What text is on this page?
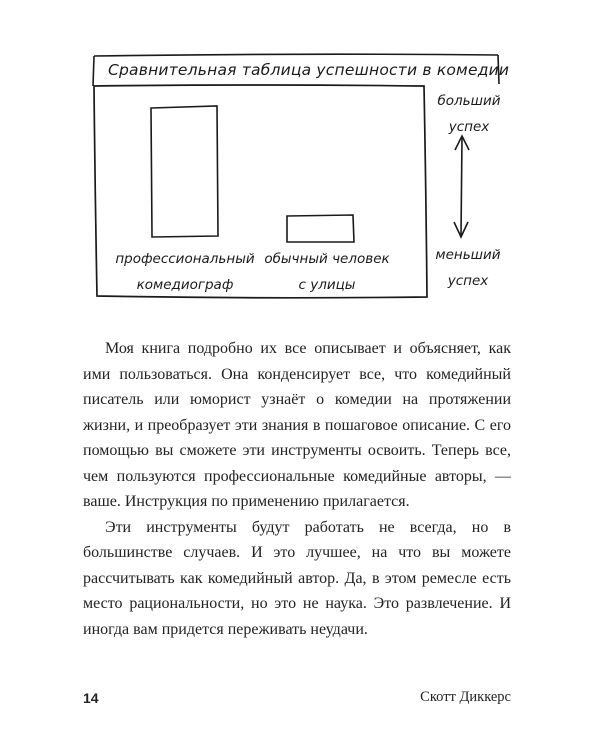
Сравнительная таблица успешности в комедии
больший
успех
меньший
успех
профессиональный
комедиограф
обычный человек
с улицы

Моя книга подробно их все описывает и объясняет, как ими пользоваться. Она конденсирует все, что комедийный писатель или юморист узнаёт о комедии на протяжении жизни, и преобразует эти знания в пошаговое описание. С его помощью вы сможете эти инструменты освоить. Теперь все, чем пользуются профессиональные комедийные авторы, — ваше. Инструкция по применению прилагается.

Эти инструменты будут работать не всегда, но в большинстве случаев. И это лучшее, на что вы можете рассчитывать как комедийный автор. Да, в этом ремесле есть место рациональности, но это не наука. Это развлечение. И иногда вам придется переживать неудачи.

14	Скотт Диккерс
